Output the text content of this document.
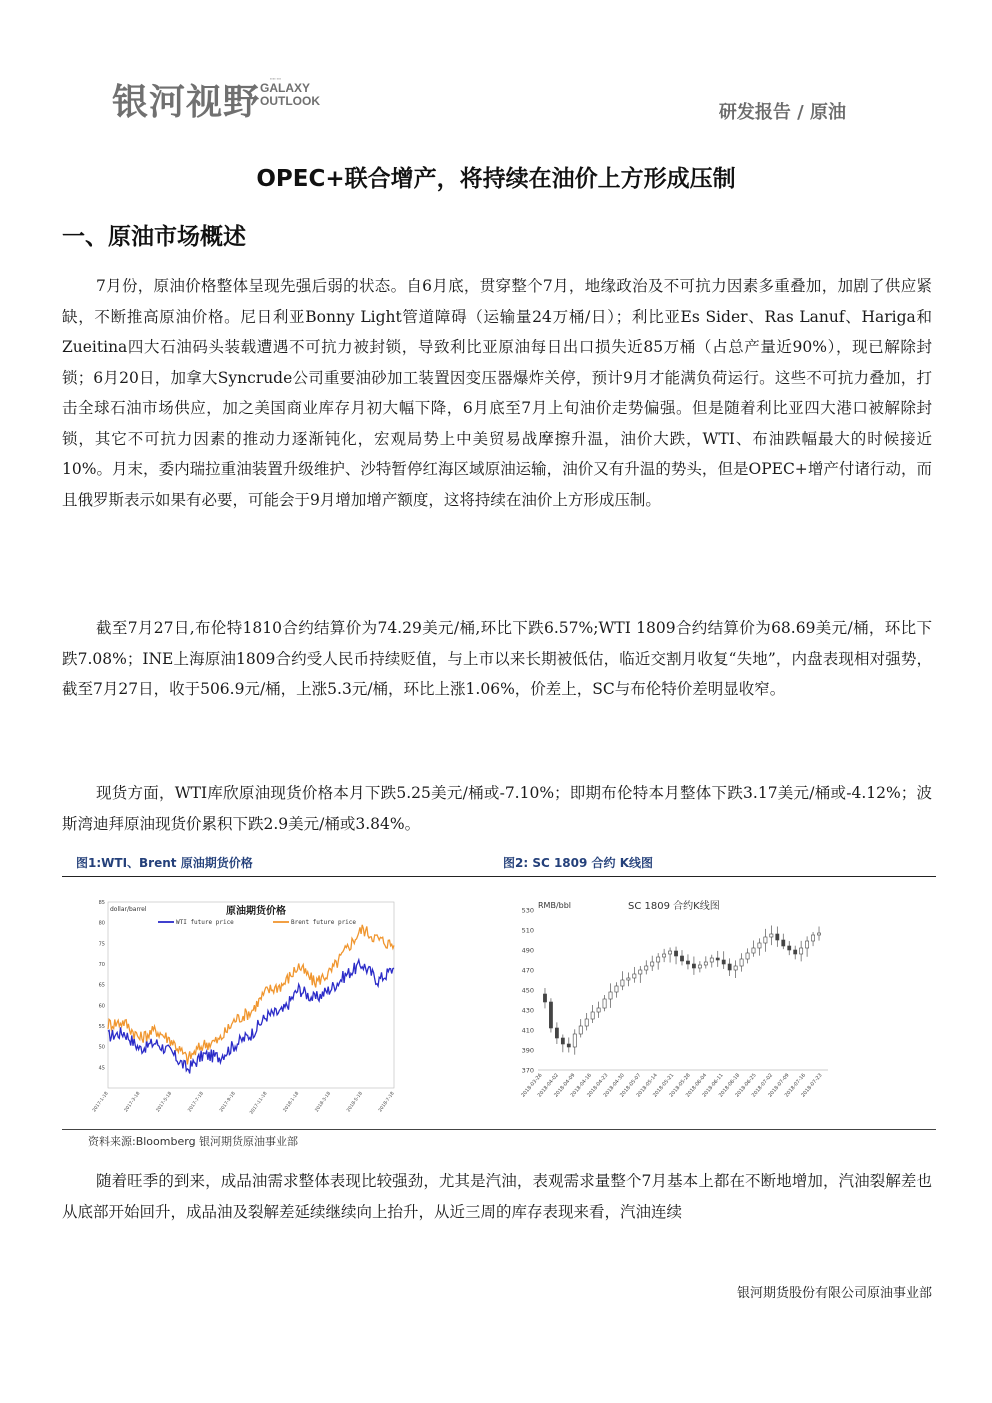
银河视野
▪▪▪▪ ▪▪▪
GALAXY
OUTLOOK
研发报告 / 原油
OPEC+联合增产，将持续在油价上方形成压制
一、原油市场概述
7月份，原油价格整体呈现先强后弱的状态。自6月底，贯穿整个7月，地缘政治及不可抗力因素多重叠加，加剧了供应紧缺，不断推高原油价格。尼日利亚Bonny Light管道障碍（运输量24万桶/日）；利比亚Es Sider、Ras Lanuf、Hariga和Zueitina四大石油码头装载遭遇不可抗力被封锁，导致利比亚原油每日出口损失近85万桶（占总产量近90%），现已解除封锁；6月20日，加拿大Syncrude公司重要油砂加工装置因变压器爆炸关停，预计9月才能满负荷运行。这些不可抗力叠加，打击全球石油市场供应，加之美国商业库存月初大幅下降，6月底至7月上旬油价走势偏强。但是随着利比亚四大港口被解除封锁，其它不可抗力因素的推动力逐渐钝化，宏观局势上中美贸易战摩擦升温，油价大跌，WTI、布油跌幅最大的时候接近10%。月末，委内瑞拉重油装置升级维护、沙特暂停红海区域原油运输，油价又有升温的势头，但是OPEC+增产付诸行动，而且俄罗斯表示如果有必要，可能会于9月增加增产额度，这将持续在油价上方形成压制。
截至7月27日,布伦特1810合约结算价为74.29美元/桶,环比下跌6.57%;WTI 1809合约结算价为68.69美元/桶，环比下跌7.08%；INE上海原油1809合约受人民币持续贬值，与上市以来长期被低估，临近交割月收复“失地”，内盘表现相对强势，截至7月27日，收于506.9元/桶，上涨5.3元/桶，环比上涨1.06%，价差上，SC与布伦特价差明显收窄。
现货方面，WTI库欣原油现货价格本月下跌5.25美元/桶或-7.10%；即期布伦特本月整体下跌3.17美元/桶或-4.12%；波斯湾迪拜原油现货价累积下跌2.9美元/桶或3.84%。
图1:WTI、Brent 原油期货价格	图2: SC 1809 合约 K线图
dollar/barrel	原油期货价格
45
50
55
60
65
70
75
80
85
2017-1-18	2017-3-18	2017-5-18	2017-7-18	2017-9-18	2017-11-18	2018-1-18	2018-3-18	2018-5-18	2018-7-18
WTI future price	Brent future price
RMB/bbl	SC 1809 合约K线图
370
390
410
430
450
470
490
510
530
2018-03-26
2018-04-02
2018-04-09
2018-04-16
2018-04-23
2018-04-30
2018-05-07
2018-05-14
2018-05-21
2018-05-28
2018-06-04
2018-06-11
2018-06-18
2018-06-25
2018-07-02
2018-07-09
2018-07-16
2018-07-23
资料来源:Bloomberg 银河期货原油事业部
随着旺季的到来，成品油需求整体表现比较强劲，尤其是汽油，表观需求量整个7月基本上都在不断地增加，汽油裂解差也从底部开始回升，成品油及裂解差延续继续向上抬升，从近三周的库存表现来看，汽油连续
银河期货股份有限公司原油事业部
